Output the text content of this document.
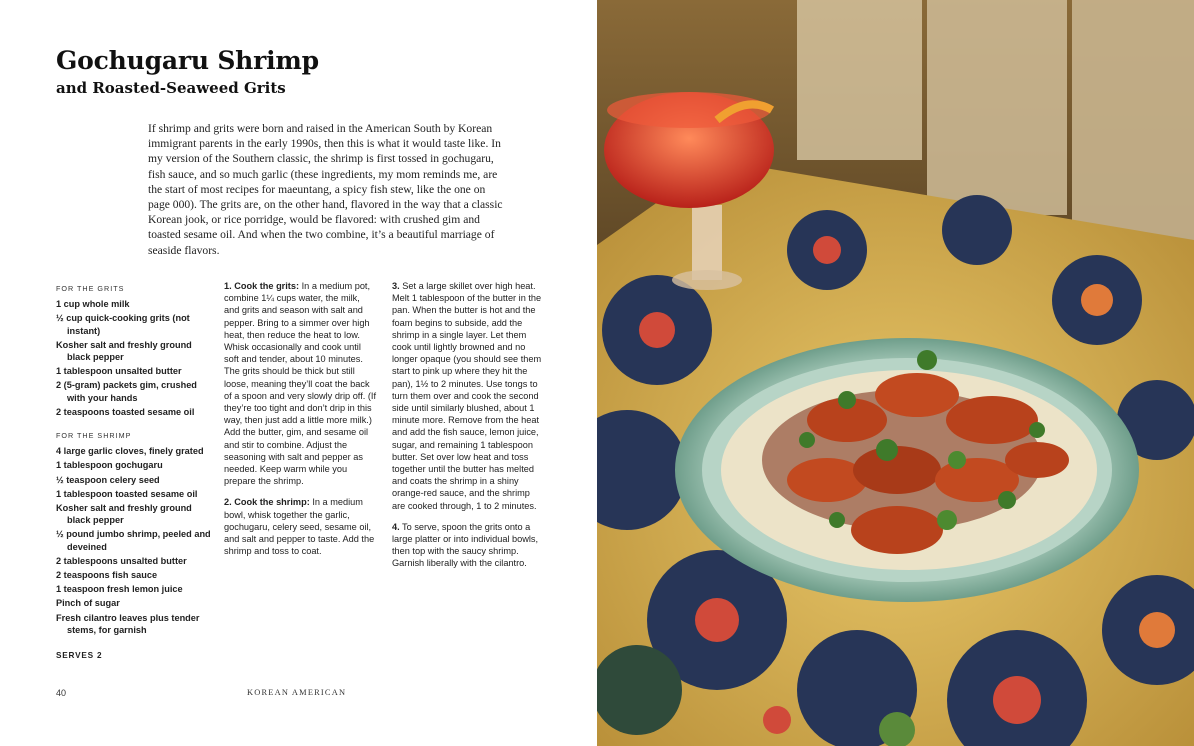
Gochugaru Shrimp
and Roasted-Seaweed Grits

If shrimp and grits were born and raised in the American South by Korean immigrant parents in the early 1990s, then this is what it would taste like. In my version of the Southern classic, the shrimp is first tossed in gochugaru, fish sauce, and so much garlic (these ingredients, my mom reminds me, are the start of most recipes for maeuntang, a spicy fish stew, like the one on page 000). The grits are, on the other hand, flavored in the way that a classic Korean jook, or rice porridge, would be flavored: with crushed gim and toasted sesame oil. And when the two combine, it’s a beautiful marriage of seaside flavors.

FOR THE GRITS
1 cup whole milk
½ cup quick-cooking grits (not instant)
Kosher salt and freshly ground black pepper
1 tablespoon unsalted butter
2 (5-gram) packets gim, crushed with your hands
2 teaspoons toasted sesame oil
FOR THE SHRIMP
4 large garlic cloves, finely grated
1 tablespoon gochugaru
½ teaspoon celery seed
1 tablespoon toasted sesame oil
Kosher salt and freshly ground black pepper
½ pound jumbo shrimp, peeled and deveined
2 tablespoons unsalted butter
2 teaspoons fish sauce
1 teaspoon fresh lemon juice
Pinch of sugar
Fresh cilantro leaves plus tender stems, for garnish
SERVES 2
1. Cook the grits: In a medium pot, combine 1¼ cups water, the milk, and grits and season with salt and pepper. Bring to a simmer over high heat, then reduce the heat to low. Whisk occasionally and cook until soft and tender, about 10 minutes. The grits should be thick but still loose, meaning they’ll coat the back of a spoon and very slowly drip off. (If they’re too tight and don’t drip in this way, then just add a little more milk.) Add the butter, gim, and sesame oil and stir to combine. Adjust the seasoning with salt and pepper as needed. Keep warm while you prepare the shrimp.
2. Cook the shrimp: In a medium bowl, whisk together the garlic, gochugaru, celery seed, sesame oil, and salt and pepper to taste. Add the shrimp and toss to coat.
3. Set a large skillet over high heat. Melt 1 tablespoon of the butter in the pan. When the butter is hot and the foam begins to subside, add the shrimp in a single layer. Let them cook until lightly browned and no longer opaque (you should see them start to pink up where they hit the pan), 1½ to 2 minutes. Use tongs to turn them over and cook the second side until similarly blushed, about 1 minute more. Remove from the heat and add the fish sauce, lemon juice, sugar, and remaining 1 tablespoon butter. Set over low heat and toss together until the butter has melted and coats the shrimp in a shiny orange-red sauce, and the shrimp are cooked through, 1 to 2 minutes.
4. To serve, spoon the grits onto a large platter or into individual bowls, then top with the saucy shrimp. Garnish liberally with the cilantro.
40	KOREAN AMERICAN
